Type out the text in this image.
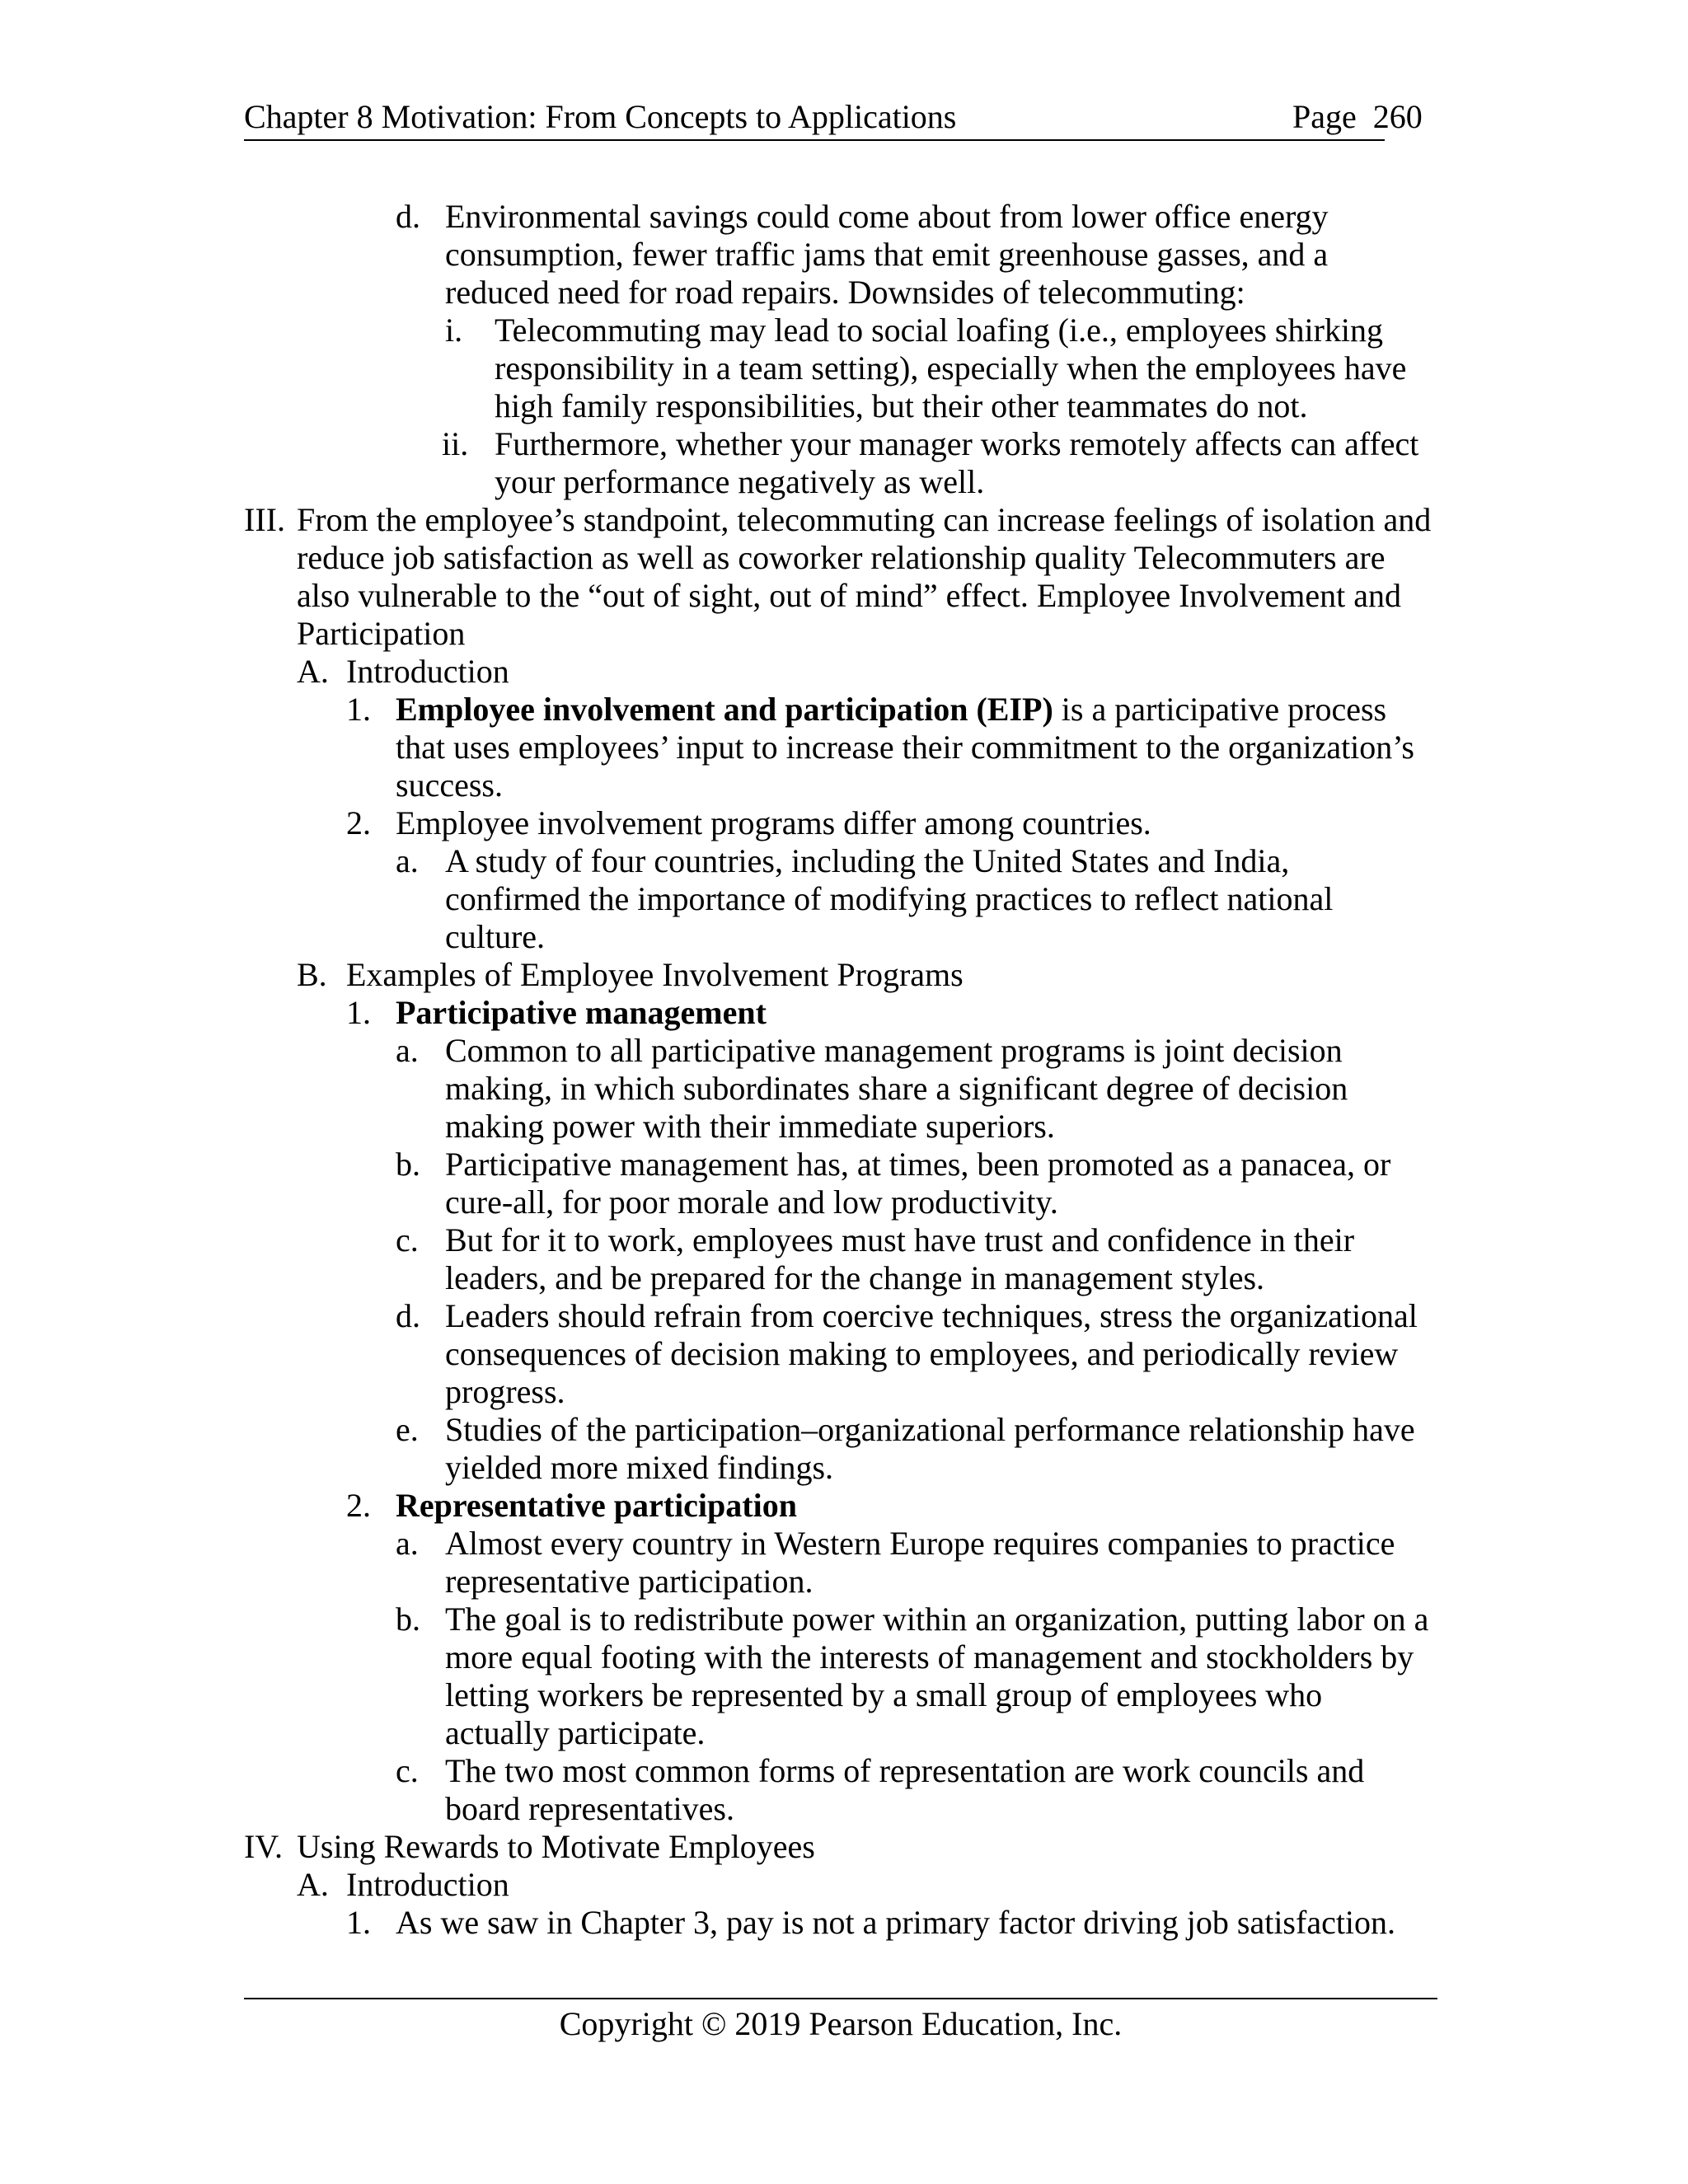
Chapter 8 Motivation: From Concepts to Applications	Page 260
d. Environmental savings could come about from lower office energy
consumption, fewer traffic jams that emit greenhouse gasses, and a
reduced need for road repairs. Downsides of telecommuting:
i. Telecommuting may lead to social loafing (i.e., employees shirking
responsibility in a team setting), especially when the employees have
high family responsibilities, but their other teammates do not.
ii. Furthermore, whether your manager works remotely affects can affect
your performance negatively as well.
III. From the employee’s standpoint, telecommuting can increase feelings of isolation and
reduce job satisfaction as well as coworker relationship quality Telecommuters are
also vulnerable to the “out of sight, out of mind” effect. Employee Involvement and
Participation
A. Introduction
1. Employee involvement and participation (EIP) is a participative process
that uses employees’ input to increase their commitment to the organization’s
success.
2. Employee involvement programs differ among countries.
a. A study of four countries, including the United States and India,
confirmed the importance of modifying practices to reflect national
culture.
B. Examples of Employee Involvement Programs
1. Participative management
a. Common to all participative management programs is joint decision
making, in which subordinates share a significant degree of decision
making power with their immediate superiors.
b. Participative management has, at times, been promoted as a panacea, or
cure-all, for poor morale and low productivity.
c. But for it to work, employees must have trust and confidence in their
leaders, and be prepared for the change in management styles.
d. Leaders should refrain from coercive techniques, stress the organizational
consequences of decision making to employees, and periodically review
progress.
e. Studies of the participation–organizational performance relationship have
yielded more mixed findings.
2. Representative participation
a. Almost every country in Western Europe requires companies to practice
representative participation.
b. The goal is to redistribute power within an organization, putting labor on a
more equal footing with the interests of management and stockholders by
letting workers be represented by a small group of employees who
actually participate.
c. The two most common forms of representation are work councils and
board representatives.
IV. Using Rewards to Motivate Employees
A. Introduction
1. As we saw in Chapter 3, pay is not a primary factor driving job satisfaction.
Copyright © 2019 Pearson Education, Inc.
